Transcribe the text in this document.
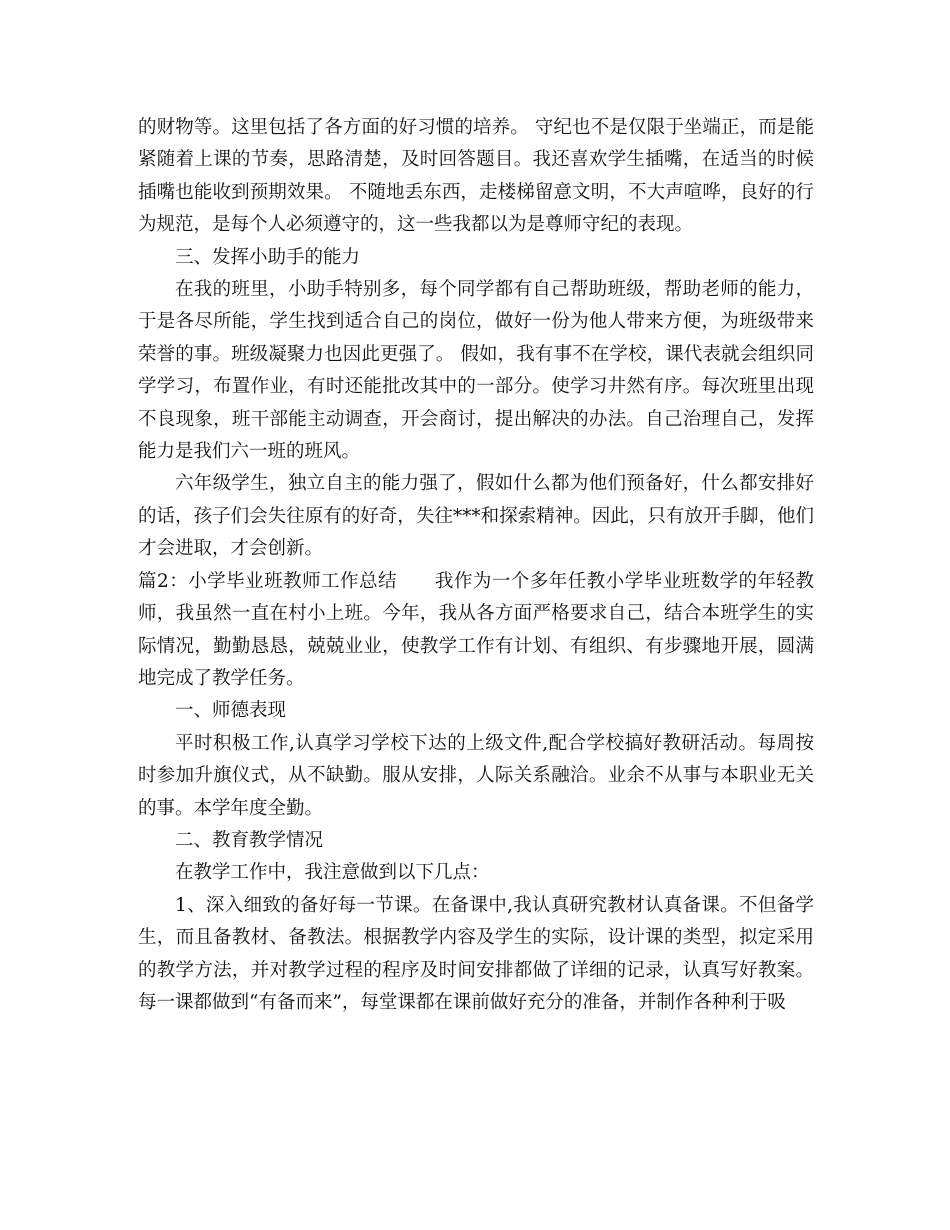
的财物等。这里包括了各方面的好习惯的培养。 守纪也不是仅限于坐端正，而是能紧随着上课的节奏，思路清楚，及时回答题目。我还喜欢学生插嘴，在适当的时候插嘴也能收到预期效果。 不随地丢东西，走楼梯留意文明，不大声喧哗，良好的行为规范，是每个人必须遵守的，这一些我都以为是尊师守纪的表现。

三、发挥小助手的能力

在我的班里，小助手特别多，每个同学都有自己帮助班级，帮助老师的能力，于是各尽所能，学生找到适合自己的岗位，做好一份为他人带来方便，为班级带来荣誉的事。班级凝聚力也因此更强了。 假如，我有事不在学校，课代表就会组织同学学习，布置作业，有时还能批改其中的一部分。使学习井然有序。每次班里出现不良现象，班干部能主动调查，开会商讨，提出解决的办法。自己治理自己，发挥能力是我们六一班的班风。

六年级学生，独立自主的能力强了，假如什么都为他们预备好，什么都安排好的话，孩子们会失往原有的好奇，失往***和探索精神。因此，只有放开手脚，他们才会进取，才会创新。

篇2：小学毕业班教师工作总结　　我作为一个多年任教小学毕业班数学的年轻教师，我虽然一直在村小上班。今年，我从各方面严格要求自己，结合本班学生的实际情况，勤勤恳恳，兢兢业业，使教学工作有计划、有组织、有步骤地开展，圆满地完成了教学任务。

一、师德表现

平时积极工作,认真学习学校下达的上级文件,配合学校搞好教研活动。每周按时参加升旗仪式，从不缺勤。服从安排，人际关系融洽。业余不从事与本职业无关的事。本学年度全勤。

二、教育教学情况

在教学工作中，我注意做到以下几点：

1、深入细致的备好每一节课。在备课中,我认真研究教材认真备课。不但备学生，而且备教材、备教法。根据教学内容及学生的实际，设计课的类型，拟定采用的教学方法，并对教学过程的程序及时间安排都做了详细的记录，认真写好教案。每一课都做到“有备而来”，每堂课都在课前做好充分的准备，并制作各种利于吸
